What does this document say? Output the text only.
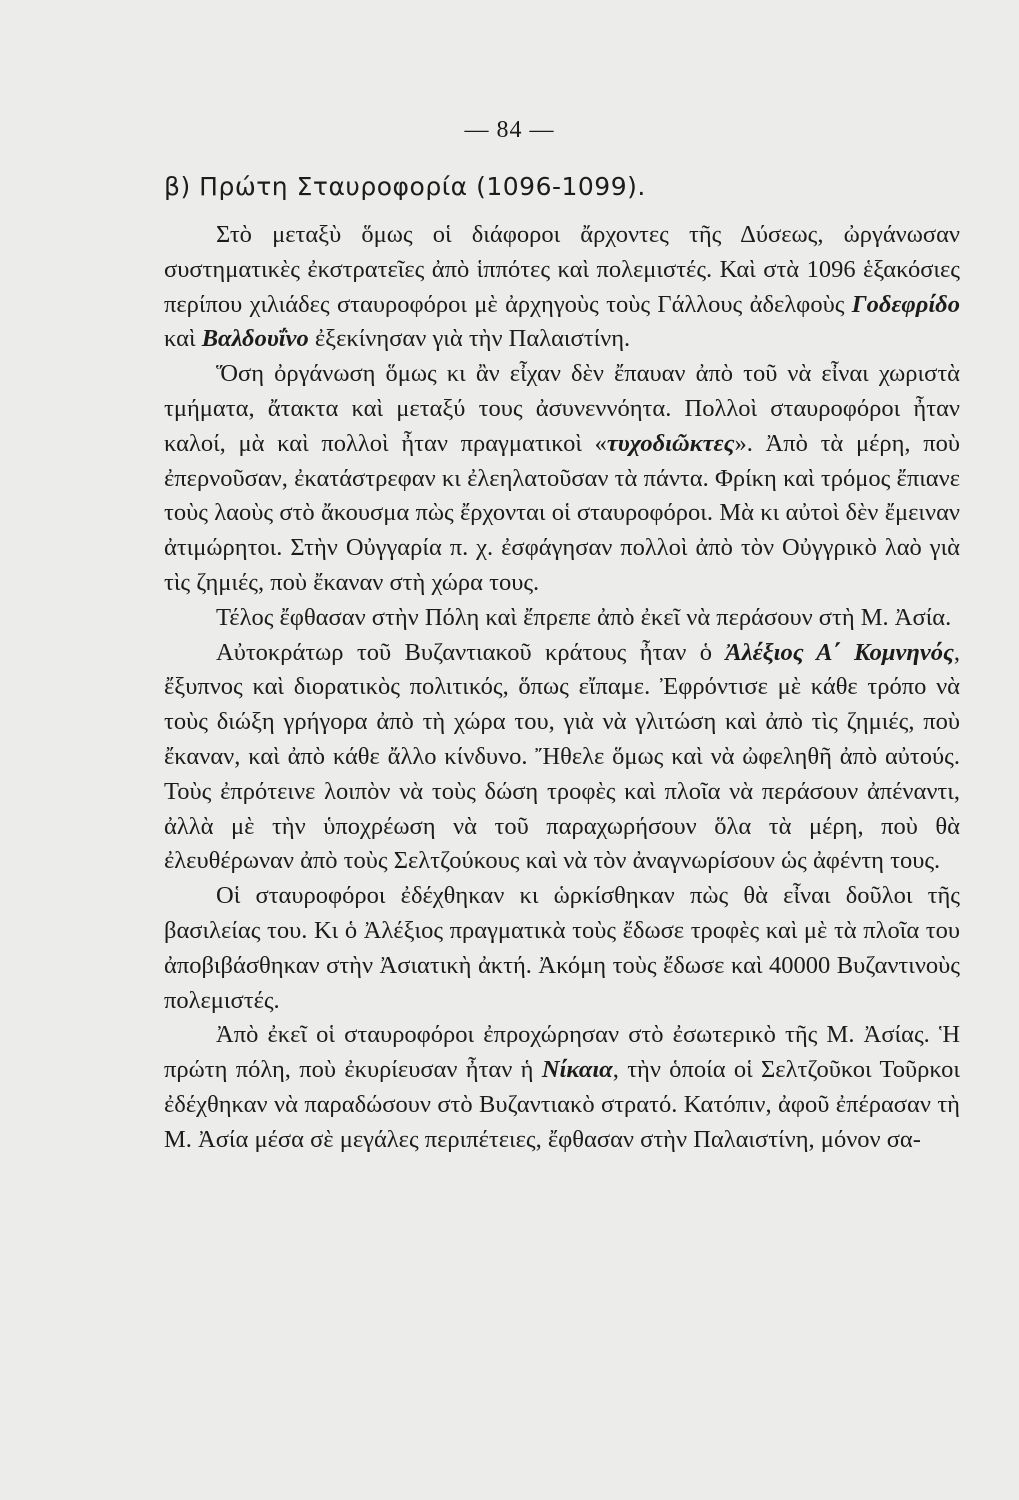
— 84 —
β) Πρώτη Σταυροφορία (1096-1099).

Στὸ μεταξὺ ὅμως οἱ διάφοροι ἄρχοντες τῆς Δύσεως, ὠργάνωσαν συστηματικὲς ἐκστρατεῖες ἀπὸ ἱππότες καὶ πολεμιστές. Καὶ στὰ 1096 ἑξακόσιες περίπου χιλιάδες σταυροφόροι μὲ ἀρχηγοὺς τοὺς Γάλλους ἀδελφοὺς Γοδεφρίδο καὶ Βαλδουΐνο ἐξεκίνησαν γιὰ τὴν Παλαιστίνη.

Ὅση ὀργάνωση ὅμως κι ἂν εἶχαν δὲν ἔπαυαν ἀπὸ τοῦ νὰ εἶναι χωριστὰ τμήματα, ἄτακτα καὶ μεταξύ τους ἀσυνεννόητα. Πολλοὶ σταυροφόροι ἦταν καλοί, μὰ καὶ πολλοὶ ἦταν πραγματικοὶ «τυχοδιῶκτες». Ἀπὸ τὰ μέρη, ποὺ ἐπερνοῦσαν, ἐκατάστρεφαν κι ἐλεηλατοῦσαν τὰ πάντα. Φρίκη καὶ τρόμος ἔπιανε τοὺς λαοὺς στὸ ἄκουσμα πὼς ἔρχονται οἱ σταυροφόροι. Μὰ κι αὐτοὶ δὲν ἔμειναν ἀτιμώρητοι. Στὴν Οὐγγαρία π. χ. ἐσφάγησαν πολλοὶ ἀπὸ τὸν Οὐγγρικὸ λαὸ γιὰ τὶς ζημιές, ποὺ ἔκαναν στὴ χώρα τους.

Τέλος ἔφθασαν στὴν Πόλη καὶ ἔπρεπε ἀπὸ ἐκεῖ νὰ περάσουν στὴ Μ. Ἀσία.

Αὐτοκράτωρ τοῦ Βυζαντιακοῦ κράτους ἦταν ὁ Ἀλέξιος Α΄ Κομνηνός, ἔξυπνος καὶ διορατικὸς πολιτικός, ὅπως εἴπαμε. Ἐφρόντισε μὲ κάθε τρόπο νὰ τοὺς διώξη γρήγορα ἀπὸ τὴ χώρα του, γιὰ νὰ γλιτώση καὶ ἀπὸ τὶς ζημιές, ποὺ ἔκαναν, καὶ ἀπὸ κάθε ἄλλο κίνδυνο. Ἤθελε ὅμως καὶ νὰ ὠφεληθῆ ἀπὸ αὐτούς. Τοὺς ἐπρότεινε λοιπὸν νὰ τοὺς δώση τροφὲς καὶ πλοῖα νὰ περάσουν ἀπέναντι, ἀλλὰ μὲ τὴν ὑποχρέωση νὰ τοῦ παραχωρήσουν ὅλα τὰ μέρη, ποὺ θὰ ἐλευθέρωναν ἀπὸ τοὺς Σελτζούκους καὶ νὰ τὸν ἀναγνωρίσουν ὡς ἀφέντη τους.

Οἱ σταυροφόροι ἐδέχθηκαν κι ὡρκίσθηκαν πὼς θὰ εἶναι δοῦλοι τῆς βασιλείας του. Κι ὁ Ἀλέξιος πραγματικὰ τοὺς ἔδωσε τροφὲς καὶ μὲ τὰ πλοῖα του ἀποβιβάσθηκαν στὴν Ἀσιατικὴ ἀκτή. Ἀκόμη τοὺς ἔδωσε καὶ 40000 Βυζαντινοὺς πολεμιστές.

Ἀπὸ ἐκεῖ οἱ σταυροφόροι ἐπροχώρησαν στὸ ἐσωτερικὸ τῆς Μ. Ἀσίας. Ἡ πρώτη πόλη, ποὺ ἐκυρίευσαν ἦταν ἡ Νίκαια, τὴν ὁποία οἱ Σελτζοῦκοι Τοῦρκοι ἐδέχθηκαν νὰ παραδώσουν στὸ Βυζαντιακὸ στρατό. Κατόπιν, ἀφοῦ ἐπέρασαν τὴ Μ. Ἀσία μέσα σὲ μεγάλες περιπέτειες, ἔφθασαν στὴν Παλαιστίνη, μόνον σα-
